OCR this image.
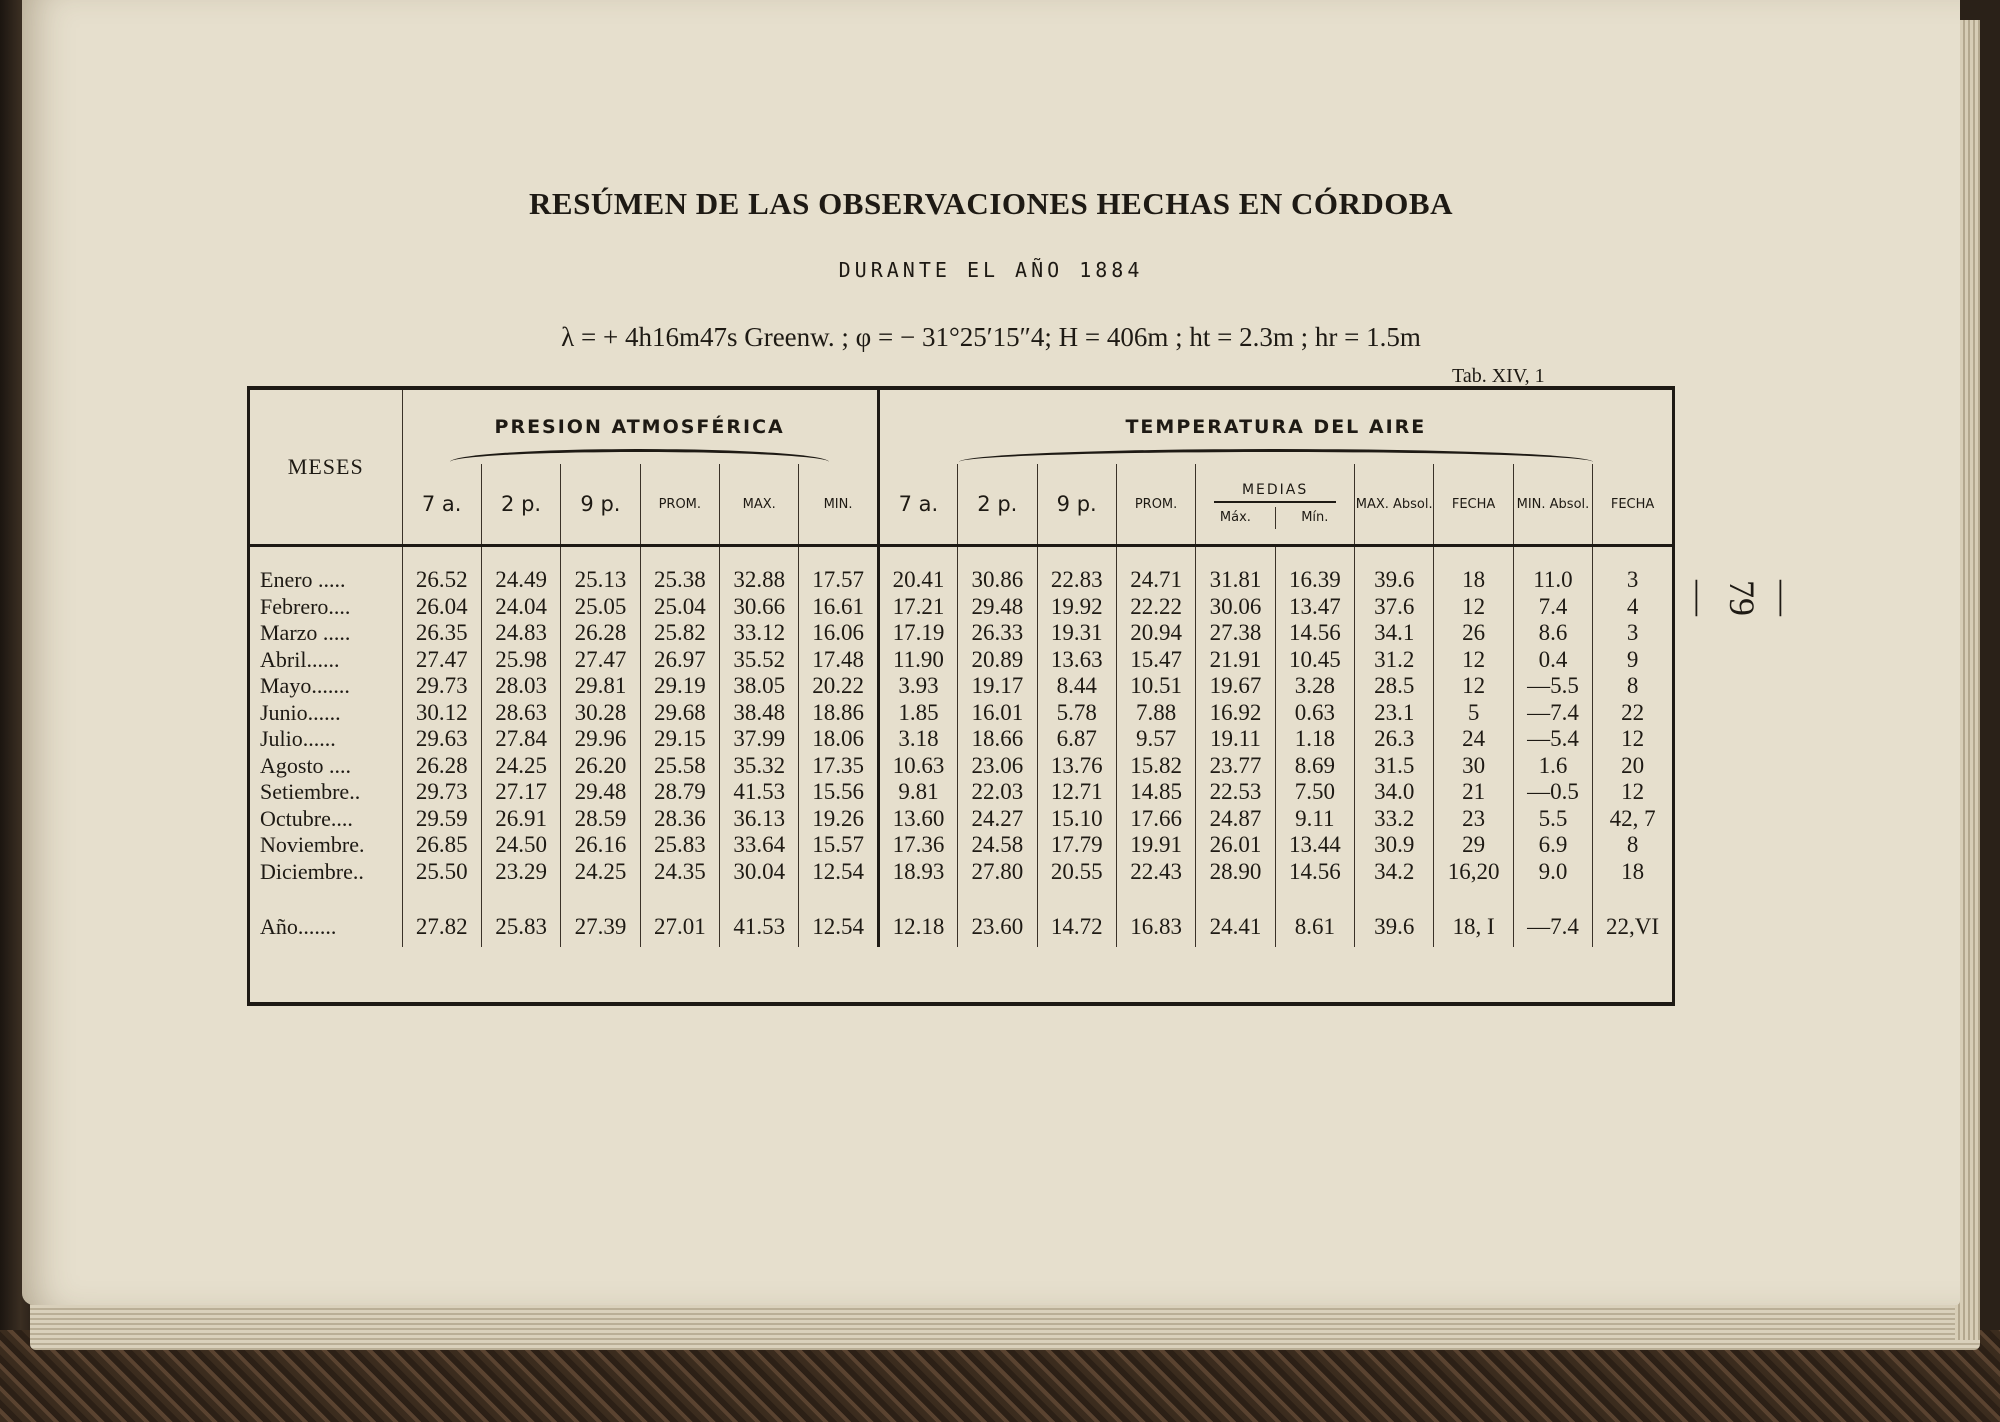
RESÚMEN DE LAS OBSERVACIONES HECHAS EN CÓRDOBA
DURANTE EL AÑO 1884
λ = + 4h16m47s Greenw. ; φ = − 31°25′15″4; H = 406m ; ht = 2.3m ; hr = 1.5m
Tab. XIV, 1
— 79 —
MESES	PRESION ATMOSFÉRICA						TEMPERATURA DEL AIRE									

	7 a.	2 p.	9 p.	PROM.	MAX.	MIN.	7 a.	2 p.	9 p.	PROM.	MEDIAS
Máx. Mín.		MAX. Absol.	FECHA	MIN. Absol.	FECHA
Enero .....	26.52	24.49	25.13	25.38	32.88	17.57	20.41	30.86	22.83	24.71	31.81	16.39	39.6	18	11.0	3
Febrero....	26.04	24.04	25.05	25.04	30.66	16.61	17.21	29.48	19.92	22.22	30.06	13.47	37.6	12	7.4	4
Marzo .....	26.35	24.83	26.28	25.82	33.12	16.06	17.19	26.33	19.31	20.94	27.38	14.56	34.1	26	8.6	3
Abril......	27.47	25.98	27.47	26.97	35.52	17.48	11.90	20.89	13.63	15.47	21.91	10.45	31.2	12	0.4	9
Mayo.......	29.73	28.03	29.81	29.19	38.05	20.22	3.93	19.17	8.44	10.51	19.67	3.28	28.5	12	—5.5	8
Junio......	30.12	28.63	30.28	29.68	38.48	18.86	1.85	16.01	5.78	7.88	16.92	0.63	23.1	5	—7.4	22
Julio......	29.63	27.84	29.96	29.15	37.99	18.06	3.18	18.66	6.87	9.57	19.11	1.18	26.3	24	—5.4	12
Agosto ....	26.28	24.25	26.20	25.58	35.32	17.35	10.63	23.06	13.76	15.82	23.77	8.69	31.5	30	1.6	20
Setiembre..	29.73	27.17	29.48	28.79	41.53	15.56	9.81	22.03	12.71	14.85	22.53	7.50	34.0	21	—0.5	12
Octubre....	29.59	26.91	28.59	28.36	36.13	19.26	13.60	24.27	15.10	17.66	24.87	9.11	33.2	23	5.5	42, 7
Noviembre.	26.85	24.50	26.16	25.83	33.64	15.57	17.36	24.58	17.79	19.91	26.01	13.44	30.9	29	6.9	8
Diciembre..	25.50	23.29	24.25	24.35	30.04	12.54	18.93	27.80	20.55	22.43	28.90	14.56	34.2	16,20	9.0	18
Año.......	27.82	25.83	27.39	27.01	41.53	12.54	12.18	23.60	14.72	16.83	24.41	8.61	39.6	18, I	—7.4	22,VI
